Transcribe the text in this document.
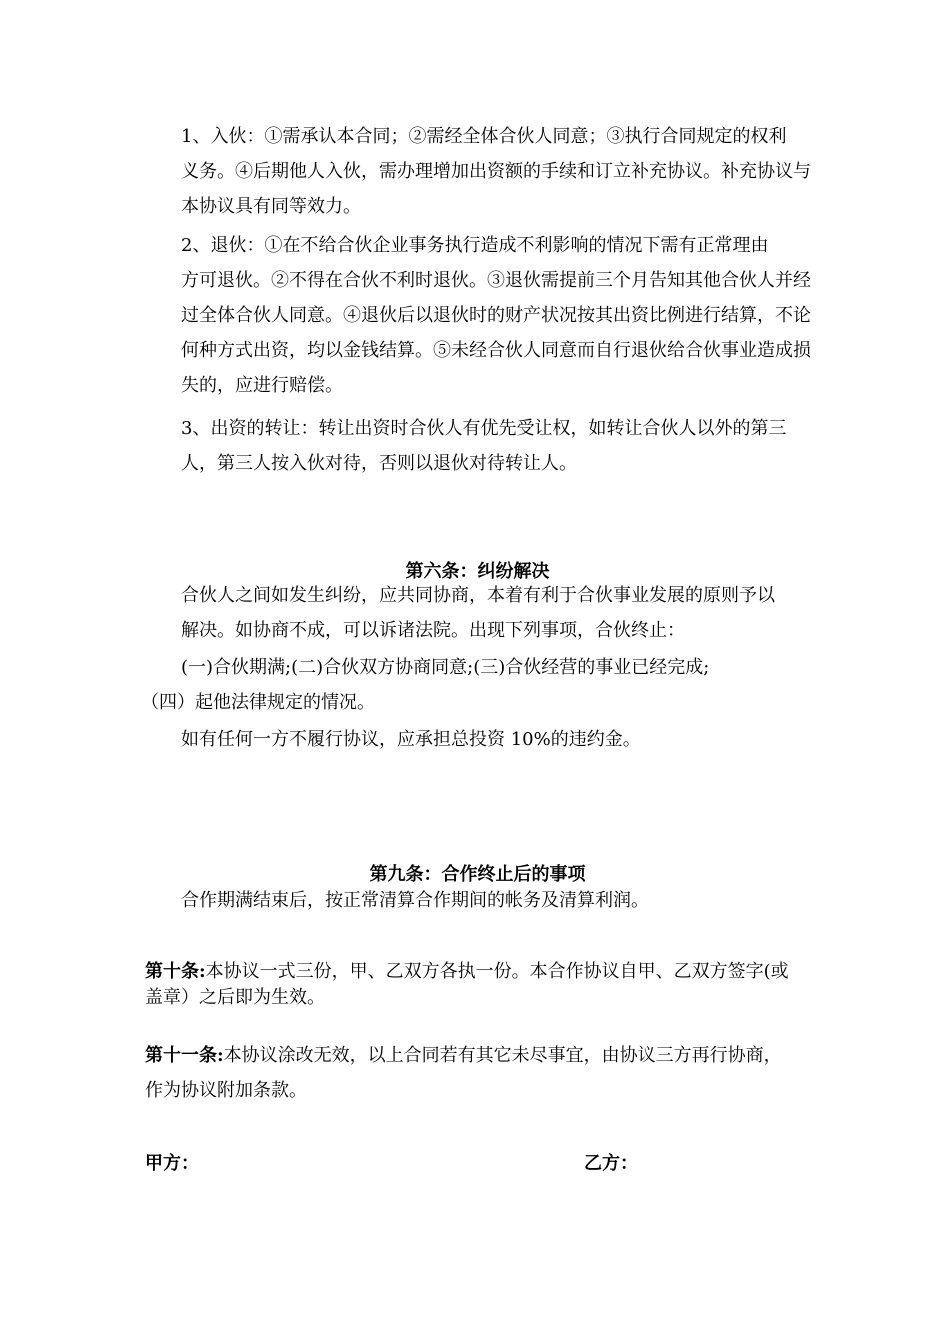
1、入伙：①需承认本合同；②需经全体合伙人同意；③执行合同规定的权利
义务。④后期他人入伙，需办理增加出资额的手续和订立补充协议。补充协议与
本协议具有同等效力。

2、退伙：①在不给合伙企业事务执行造成不利影响的情况下需有正常理由
方可退伙。②不得在合伙不利时退伙。③退伙需提前三个月告知其他合伙人并经
过全体合伙人同意。④退伙后以退伙时的财产状况按其出资比例进行结算，不论
何种方式出资，均以金钱结算。⑤未经合伙人同意而自行退伙给合伙事业造成损
失的，应进行赔偿。

3、出资的转让：转让出资时合伙人有优先受让权，如转让合伙人以外的第三
人，第三人按入伙对待，否则以退伙对待转让人。

第六条：纠纷解决

合伙人之间如发生纠纷，应共同协商，本着有利于合伙事业发展的原则予以
解决。如协商不成，可以诉诸法院。出现下列事项，合伙终止：

(一)合伙期满;(二)合伙双方协商同意;(三)合伙经营的事业已经完成;

（四）起他法律规定的情况。

如有任何一方不履行协议，应承担总投资 10%的违约金。

第九条：合作终止后的事项

合作期满结束后，按正常清算合作期间的帐务及清算利润。

第十条:本协议一式三份，甲、乙双方各执一份。本合作协议自甲、乙双方签字(或
盖章）之后即为生效。

第十一条:本协议涂改无效，以上合同若有其它未尽事宜，由协议三方再行协商，
作为协议附加条款。

甲方：	乙方：
